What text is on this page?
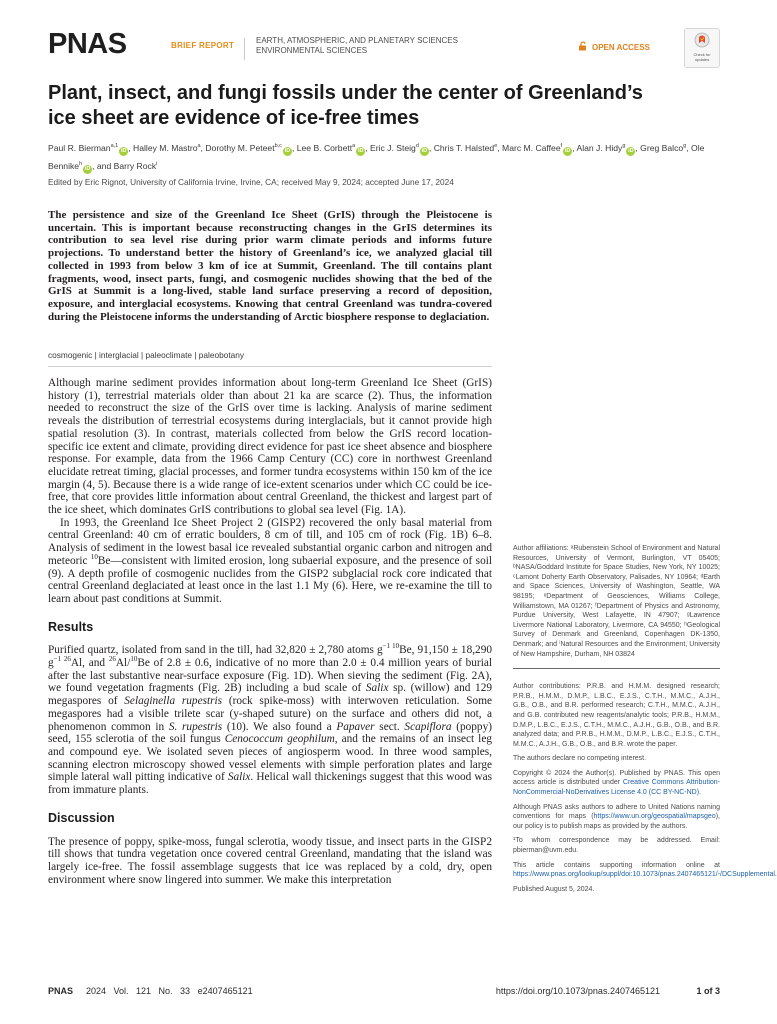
PNAS	BRIEF REPORT
EARTH, ATMOSPHERIC, AND PLANETARY SCIENCES
ENVIRONMENTAL SCIENCES	OPEN ACCESS
Check for
updates
Plant, insect, and fungi fossils under the center of Greenland’s
ice sheet are evidence of ice-free times
Paul R. Bierman$^{a,1}$iD , Halley M. Mastro$^a$, Dorothy M. Peteet$^{b,c}$iD , Lee B. Corbett$^a$iD , Eric J. Steig$^d$iD , Chris T. Halsted$^e$, Marc M. Caffee$^f$iD , Alan J. Hidy$^g$iD , Greg Balco$^g$, Ole Bennike$^h$iD , and Barry Rock$^i$
Edited by Eric Rignot, University of California Irvine, Irvine, CA; received May 9, 2024; accepted June 17, 2024
The persistence and size of the Greenland Ice Sheet (GrIS) through the Pleistocene is uncertain. This is important because reconstructing changes in the GrIS determines its contribution to sea level rise during prior warm climate periods and informs future projections. To understand better the history of Greenland’s ice, we analyzed glacial till collected in 1993 from below 3 km of ice at Summit, Greenland. The till contains plant fragments, wood, insect parts, fungi, and cosmogenic nuclides showing that the bed of the GrIS at Summit is a long-lived, stable land surface preserving a record of deposition, exposure, and interglacial ecosystems. Knowing that central Greenland was tundra-covered during the Pleistocene informs the understanding of Arctic biosphere response to deglaciation.
cosmogenic | interglacial | paleoclimate | paleobotany

Although marine sediment provides information about long-term Greenland Ice Sheet (GrIS) history (1), terrestrial materials older than about 21 ka are scarce (2). Thus, the information needed to reconstruct the size of the GrIS over time is lacking. Analysis of marine sediment reveals the distribution of terrestrial ecosystems during interglacials, but it cannot provide high spatial resolution (3). In contrast, materials collected from below the GrIS record location-specific ice extent and climate, providing direct evidence for past ice sheet absence and biosphere response. For example, data from the 1966 Camp Century (CC) core in northwest Greenland elucidate retreat timing, glacial processes, and former tundra ecosystems within 150 km of the ice margin (4, 5). Because there is a wide range of ice-extent scenarios under which CC could be ice-free, that core provides little information about central Greenland, the thickest and largest part of the ice sheet, which dominates GrIS contributions to global sea level (Fig. 1A).

In 1993, the Greenland Ice Sheet Project 2 (GISP2) recovered the only basal material from central Greenland: 40 cm of erratic boulders, 8 cm of till, and 105 cm of rock (Fig. 1B) 6–8. Analysis of sediment in the lowest basal ice revealed substantial organic carbon and nitrogen and meteoric $^{10}$Be—consistent with limited erosion, long subaerial exposure, and the presence of soil (9). A depth profile of cosmogenic nuclides from the GISP2 subglacial rock core indicated that central Greenland deglaciated at least once in the last 1.1 My (6). Here, we re-examine the till to learn about past conditions at Summit.

Results

Purified quartz, isolated from sand in the till, had 32,820 ± 2,780 atoms $g^{-1 10}Be$, 91,150 ± 18,290 $g^{-1 26}Al$, and $^{26}$Al/$^{10}$Be of 2.8 ± 0.6, indicative of no more than 2.0 ± 0.4 million years of burial after the last substantive near-surface exposure (Fig. 1D). When sieving the sediment (Fig. 2A), we found vegetation fragments (Fig. 2B) including a bud scale of Salix sp. (willow) and 129 megaspores of Selaginella rupestris (rock spike-moss) with interwoven reticulation. Some megaspores had a visible trilete scar (y-shaped suture) on the surface and others did not, a phenomenon common in S. rupestris (10). We also found a Papaver sect. Scapiflora (poppy) seed, 155 sclerotia of the soil fungus Cenococcum geophilum, and the remains of an insect leg and compound eye. We isolated seven pieces of angiosperm wood. In three wood samples, scanning electron microscopy showed vessel elements with simple perforation plates and large simple lateral wall pitting indicative of Salix. Helical wall thickenings suggest that this wood was from immature plants.

Discussion

The presence of poppy, spike-moss, fungal sclerotia, woody tissue, and insect parts in the GISP2 till shows that tundra vegetation once covered central Greenland, mandating that the island was largely ice-free. The fossil assemblage suggests that ice was replaced by a cold, dry, open environment where snow lingered into summer. We make this interpretation

Author affiliations: ᵃRubenstein School of Environment and Natural Resources, University of Vermont, Burlington, VT 05405; ᵇNASA/Goddard Institute for Space Studies, New York, NY 10025; ᶜLamont Doherty Earth Observatory, Palisades, NY 10964; ᵈEarth and Space Sciences, University of Washington, Seattle, WA 98195; ᵉDepartment of Geosciences, Williams College, Williamstown, MA 01267; ᶠDepartment of Physics and Astronomy, Purdue University, West Lafayette, IN 47907; ᵍLawrence Livermore National Laboratory, Livermore, CA 94550; ʰGeological Survey of Denmark and Greenland, Copenhagen DK-1350, Denmark; and ⁱNatural Resources and the Environment, University of New Hampshire, Durham, NH 03824
Author contributions: P.R.B. and H.M.M. designed research; P.R.B., H.M.M., D.M.P., L.B.C., E.J.S., C.T.H., M.M.C., A.J.H., G.B., O.B., and B.R. performed research; C.T.H., M.M.C., A.J.H., and G.B. contributed new reagents/analytic tools; P.R.B., H.M.M., D.M.P., L.B.C., E.J.S., C.T.H., M.M.C., A.J.H., G.B., O.B., and B.R. analyzed data; and P.R.B., H.M.M., D.M.P., L.B.C., E.J.S., C.T.H., M.M.C., A.J.H., G.B., O.B., and B.R. wrote the paper.
The authors declare no competing interest.
Copyright © 2024 the Author(s). Published by PNAS. This open access article is distributed under Creative Commons Attribution-NonCommercial-NoDerivatives License 4.0 (CC BY-NC-ND).
Although PNAS asks authors to adhere to United Nations naming conventions for maps (https://www.un.org/geospatial/mapsgeo), our policy is to publish maps as provided by the authors.
¹To whom correspondence may be addressed. Email: pbierman@uvm.edu.
This article contains supporting information online at https://www.pnas.org/lookup/suppl/doi:10.1073/pnas.2407465121/-/DCSupplemental.
Published August 5, 2024.
PNAS 2024 Vol. 121 No. 33 e2407465121	https://doi.org/10.1073/pnas.2407465121	1 of 3
